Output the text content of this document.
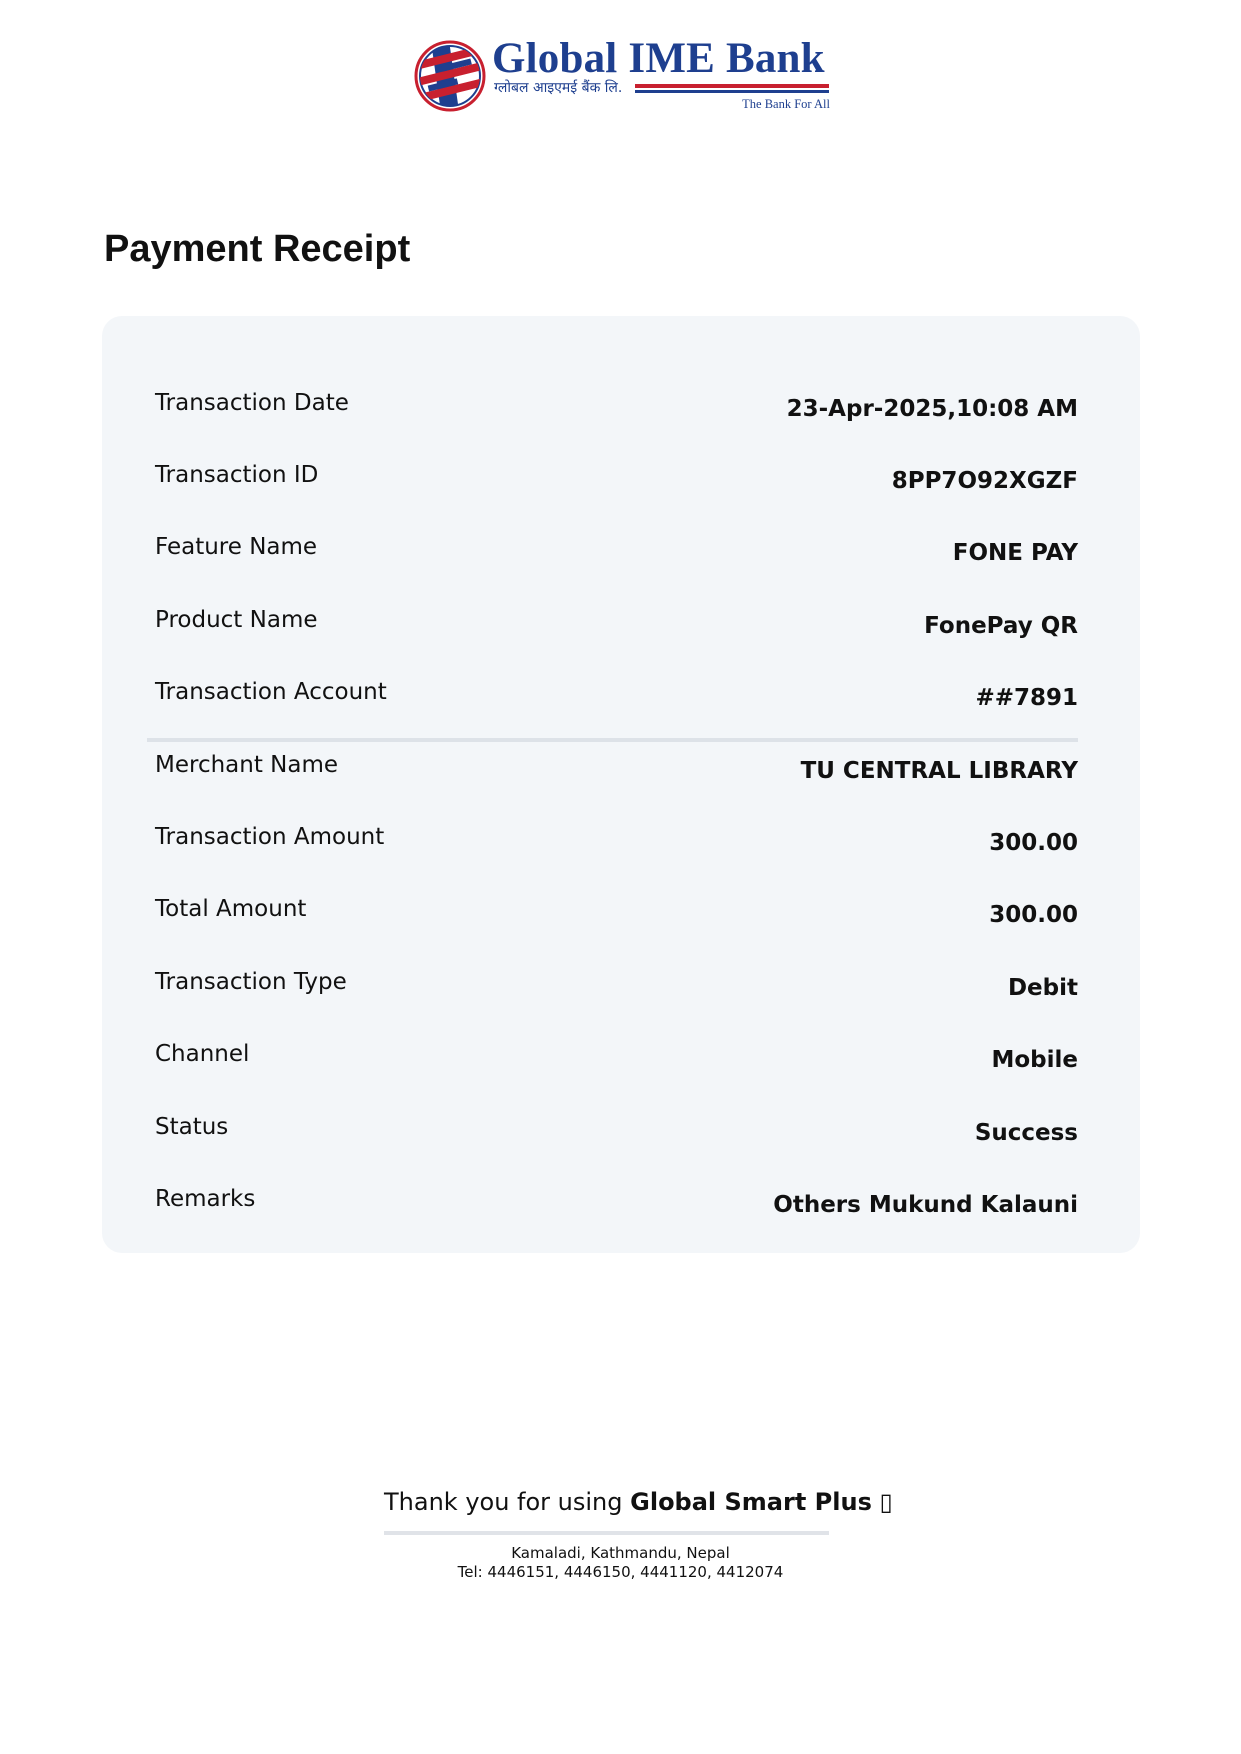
Global IME Bank
ग्लोबल आइएमई बैंक लि.
The Bank For All
Payment Receipt
Transaction Date	23-Apr-2025,10:08 AM
Transaction ID	8PP7O92XGZF
Feature Name	FONE PAY
Product Name	FonePay QR
Transaction Account	##7891
Merchant Name	TU CENTRAL LIBRARY
Transaction Amount	300.00
Total Amount	300.00
Transaction Type	Debit
Channel	Mobile
Status	Success
Remarks	Others Mukund Kalauni
Thank you for using Global Smart Plus ▯
Kamaladi, Kathmandu, Nepal
Tel: 4446151, 4446150, 4441120, 4412074
